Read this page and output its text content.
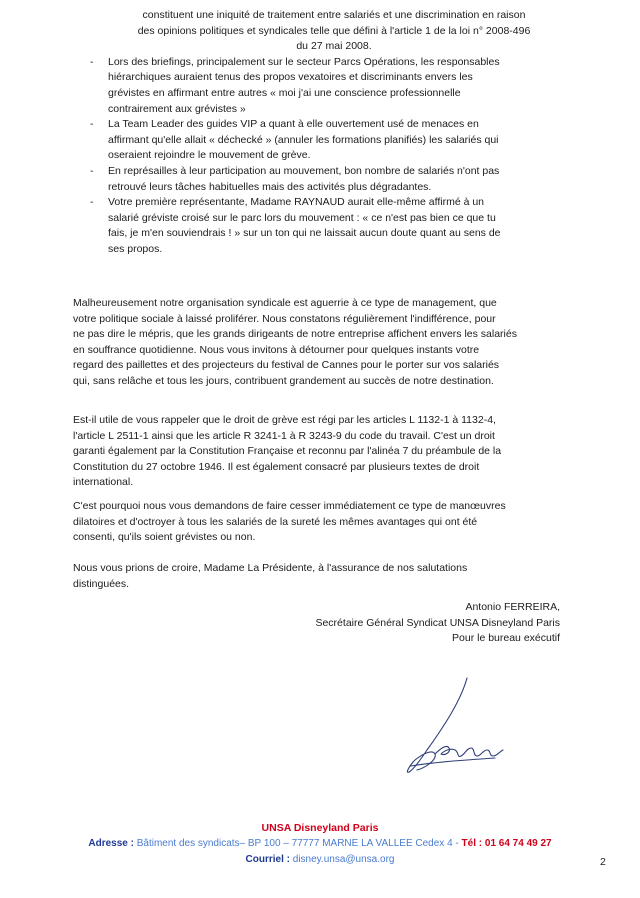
constituent une iniquité de traitement entre salariés et une discrimination en raison
des opinions politiques et syndicales telle que défini à l'article 1 de la loi n° 2008-496
du 27 mai 2008.
- Lors des briefings, principalement sur le secteur Parcs Opérations, les responsables
hiérarchiques auraient tenus des propos vexatoires et discriminants envers les
grévistes en affirmant entre autres « moi j'ai une conscience professionnelle
contrairement aux grévistes »
- La Team Leader des guides VIP a quant à elle ouvertement usé de menaces en
affirmant qu'elle allait « déchecké » (annuler les formations planifiés) les salariés qui
oseraient rejoindre le mouvement de grève.
- En représailles à leur participation au mouvement, bon nombre de salariés n'ont pas
retrouvé leurs tâches habituelles mais des activités plus dégradantes.
- Votre première représentante, Madame RAYNAUD aurait elle-même affirmé à un
salarié gréviste croisé sur le parc lors du mouvement : « ce n'est pas bien ce que tu
fais, je m'en souviendrais ! » sur un ton qui ne laissait aucun doute quant au sens de
ses propos.
Malheureusement notre organisation syndicale est aguerrie à ce type de management, que
votre politique sociale à laissé proliférer. Nous constatons régulièrement l'indifférence, pour
ne pas dire le mépris, que les grands dirigeants de notre entreprise affichent envers les salariés
en souffrance quotidienne. Nous vous invitons à détourner pour quelques instants votre
regard des paillettes et des projecteurs du festival de Cannes pour le porter sur vos salariés
qui, sans relâche et tous les jours, contribuent grandement au succès de notre destination.
Est-il utile de vous rappeler que le droit de grève est régi par les articles L 1132-1 à 1132-4,
l'article L 2511-1 ainsi que les article R 3241-1 à R 3243-9 du code du travail. C'est un droit
garanti également par la Constitution Française et reconnu par l'alinéa 7 du préambule de la
Constitution du 27 octobre 1946. Il est également consacré par plusieurs textes de droit
international.
C'est pourquoi nous vous demandons de faire cesser immédiatement ce type de manœuvres
dilatoires et d'octroyer à tous les salariés de la sureté les mêmes avantages qui ont été
consenti, qu'ils soient grévistes ou non.
Nous vous prions de croire, Madame La Présidente, à l'assurance de nos salutations
distinguées.
Antonio FERREIRA,
Secrétaire Général Syndicat UNSA Disneyland Paris
Pour le bureau exécutif
UNSA Disneyland Paris
Adresse : Bâtiment des syndicats– BP 100 – 77777 MARNE LA VALLEE Cedex 4 - Tél : 01 64 74 49 27
Courriel : disney.unsa@unsa.org	2
